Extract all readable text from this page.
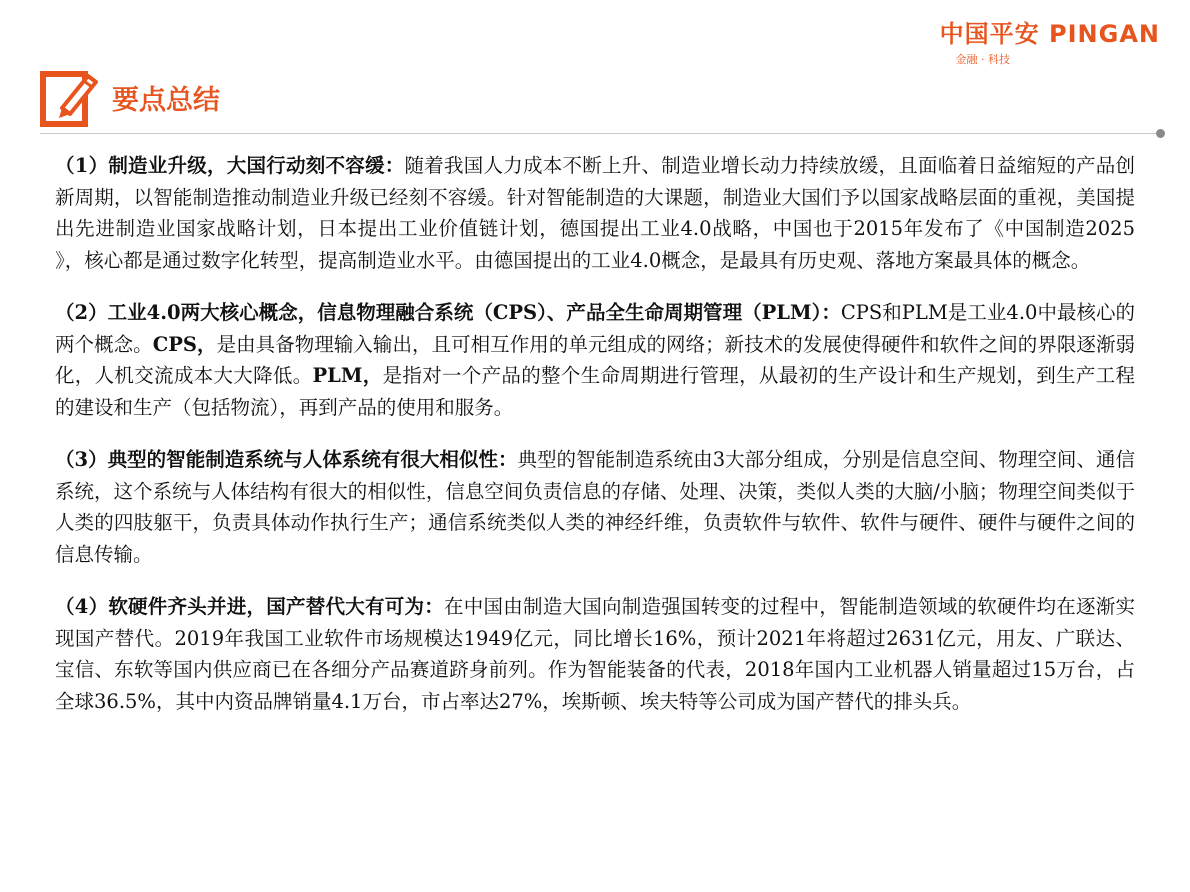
中国平安 PINGAN
金融 · 科技
要点总结

（1）制造业升级，大国行动刻不容缓：随着我国人力成本不断上升、制造业增长动力持续放缓，且面临着日益缩短的产品创新周期，以智能制造推动制造业升级已经刻不容缓。针对智能制造的大课题，制造业大国们予以国家战略层面的重视，美国提出先进制造业国家战略计划，日本提出工业价值链计划，德国提出工业4.0战略，中国也于2015年发布了《中国制造2025 》，核心都是通过数字化转型，提高制造业水平。由德国提出的工业4.0概念，是最具有历史观、落地方案最具体的概念。

（2）工业4.0两大核心概念，信息物理融合系统（CPS）、产品全生命周期管理（PLM）：CPS和PLM是工业4.0中最核心的两个概念。CPS，是由具备物理输入输出，且可相互作用的单元组成的网络；新技术的发展使得硬件和软件之间的界限逐渐弱化，人机交流成本大大降低。PLM，是指对一个产品的整个生命周期进行管理，从最初的生产设计和生产规划，到生产工程的建设和生产（包括物流），再到产品的使用和服务。

（3）典型的智能制造系统与人体系统有很大相似性：典型的智能制造系统由3大部分组成，分别是信息空间、物理空间、通信系统，这个系统与人体结构有很大的相似性，信息空间负责信息的存储、处理、决策，类似人类的大脑/小脑；物理空间类似于人类的四肢躯干，负责具体动作执行生产；通信系统类似人类的神经纤维，负责软件与软件、软件与硬件、硬件与硬件之间的信息传输。

（4）软硬件齐头并进，国产替代大有可为：在中国由制造大国向制造强国转变的过程中，智能制造领域的软硬件均在逐渐实现国产替代。2019年我国工业软件市场规模达1949亿元，同比增长16%，预计2021年将超过2631亿元，用友、广联达、宝信、东软等国内供应商已在各细分产品赛道跻身前列。作为智能装备的代表，2018年国内工业机器人销量超过15万台，占全球36.5%，其中内资品牌销量4.1万台，市占率达27%，埃斯顿、埃夫特等公司成为国产替代的排头兵。
